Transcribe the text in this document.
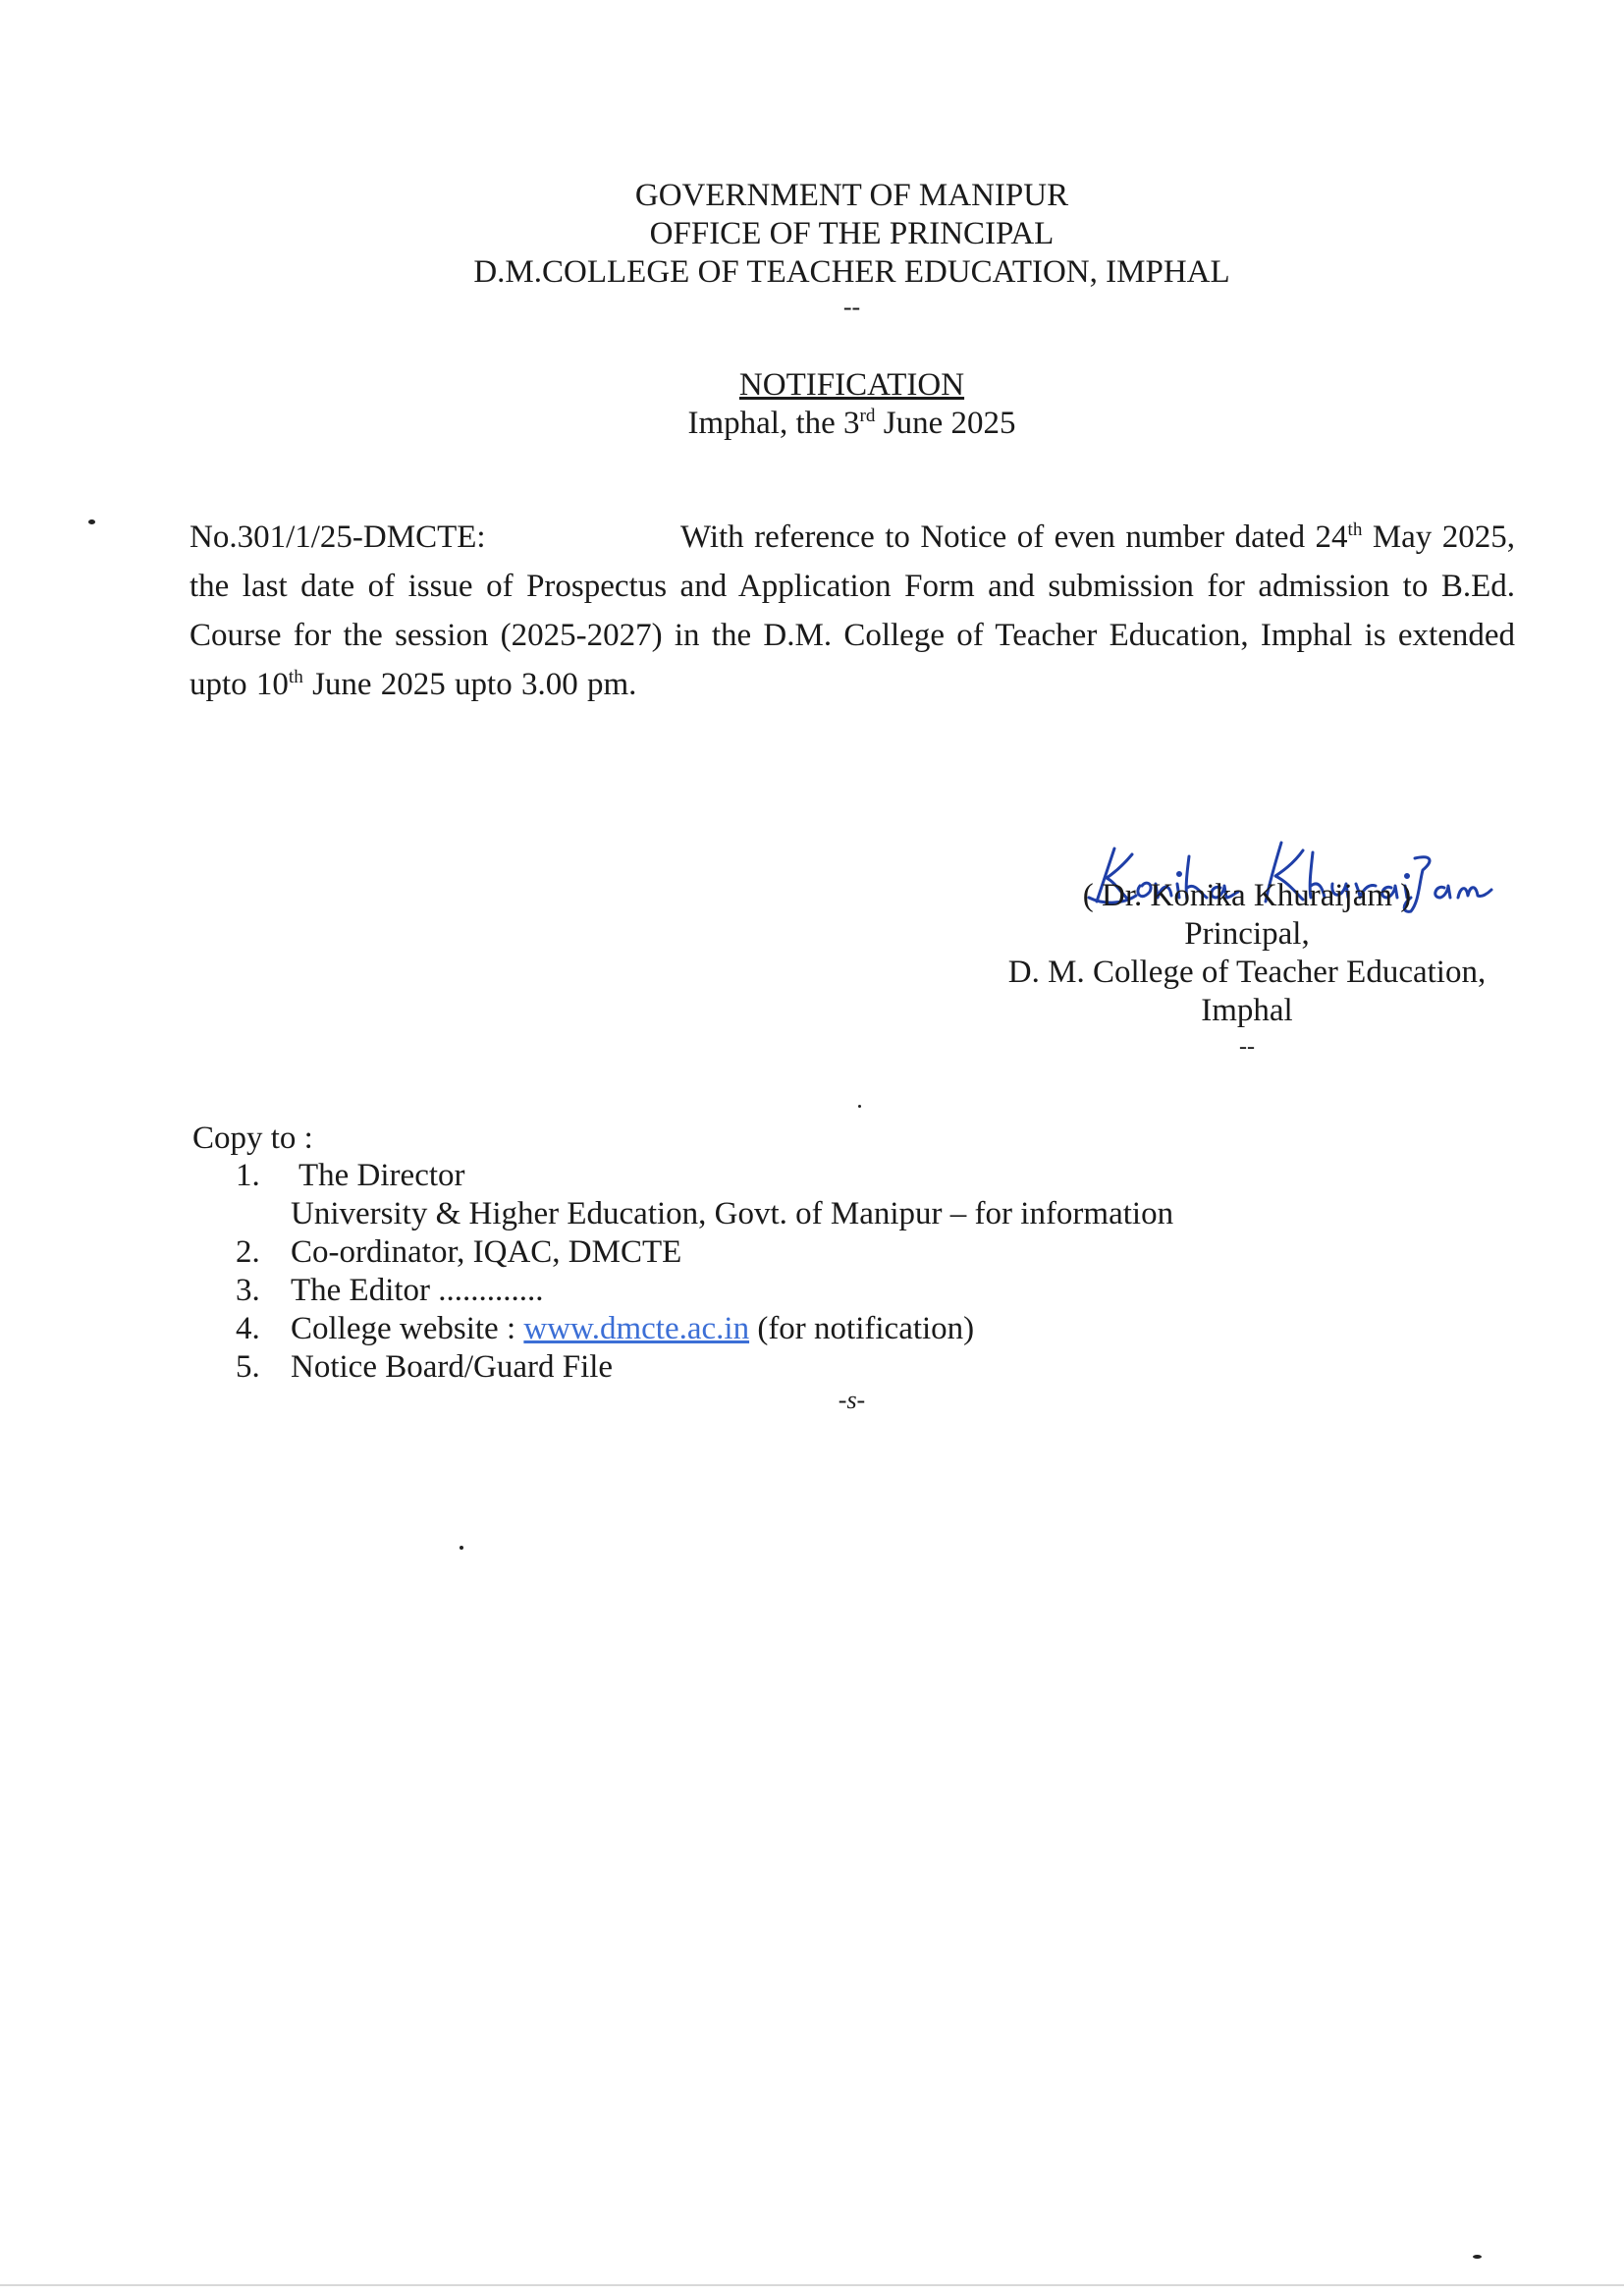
GOVERNMENT OF MANIPUR
OFFICE OF THE PRINCIPAL
D.M.COLLEGE OF TEACHER EDUCATION, IMPHAL
--
NOTIFICATION
Imphal, the 3rd June 2025
No.301/1/25-DMCTE:	With reference to Notice of even number dated 24th May 2025, the last date of issue of Prospectus and Application Form and submission for admission to B.Ed. Course for the session (2025-2027) in the D.M. College of Teacher Education, Imphal is extended upto 10th June 2025 upto 3.00 pm.
( Dr. Konika Khuraijam )
Principal,
D. M. College of Teacher Education,
Imphal
--
Copy to :
1. The Director
University & Higher Education, Govt. of Manipur – for information
2. Co-ordinator, IQAC, DMCTE
3. The Editor .............
4. College website : www.dmcte.ac.in (for notification)
5. Notice Board/Guard File
-s-
